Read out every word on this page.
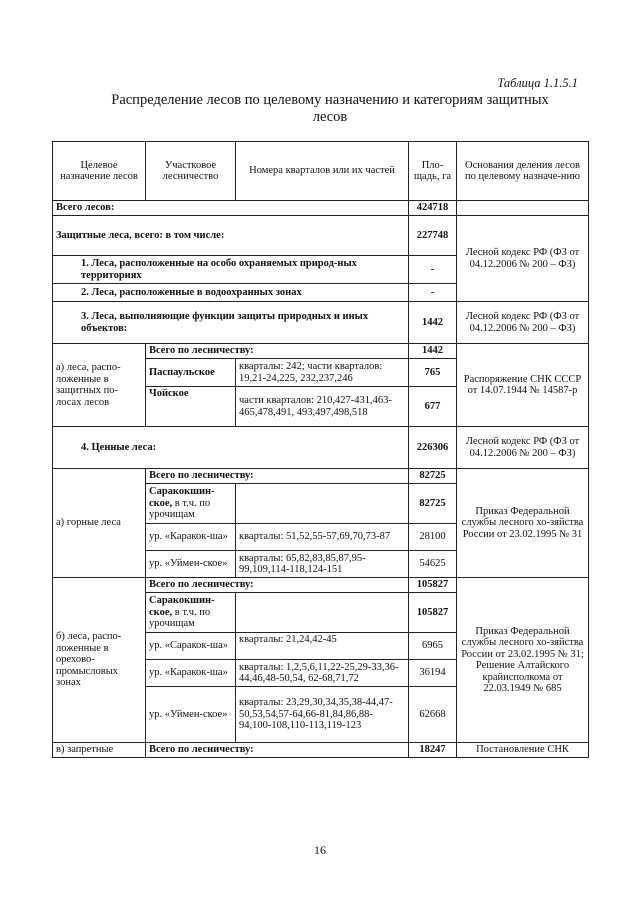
Таблица 1.1.5.1
Распределение лесов по целевому назначению и категориям защитных
лесов
Целевое назначение лесов	Участковое лесничество	Номера кварталов или их частей	Пло-щадь, га	Основания деления лесов по целевому назначе-нию
Всего лесов:			424718	
Защитные леса, всего: в том числе:			227748	Лесной кодекс РФ (ФЗ от 04.12.2006 № 200 – ФЗ)
1. Леса, расположенные на особо охраняемых природ-ных территориях			-	
2. Леса, расположенные в водоохранных зонах			-	
3. Леса, выполняющие функции защиты природных и иных объектов:			1442	Лесной кодекс РФ (ФЗ от 04.12.2006 № 200 – ФЗ)
а) леса, распо-ложенные в защитных по-лосах лесов	Всего по лесничеству:		1442	Распоряжение СНК СССР от 14.07.1944 № 14587-р
	Паспаульское	кварталы: 242; части кварталов: 19,21-24,225, 232,237,246	765	
	Чойское	части кварталов: 210,427-431,463-465,478,491, 493,497,498,518	677	
4. Ценные леса:			226306	Лесной кодекс РФ (ФЗ от 04.12.2006 № 200 – ФЗ)
а) горные леса	Всего по лесничеству:		82725	Приказ Федеральной службы лесного хо-зяйства России от 23.02.1995 № 31
	Саракокшин-ское, в т.ч. по урочищам		82725	
	ур. «Каракок-ша»	кварталы: 51,52,55-57,69,70,73-87	28100	
	ур. «Уймен-ское»	кварталы: 65,82,83,85,87,95-99,109,114-118,124-151	54625	
б) леса, распо-ложенные в орехово-промысловых зонах	Всего по лесничеству:		105827	Приказ Федеральной службы лесного хо-зяйства России от 23.02.1995 № 31; Решение Алтайского крайисполкома от 22.03.1949 № 685
	Саракокшин-ское, в т.ч. по урочищам		105827	
	ур. «Саракок-ша»	кварталы: 21,24,42-45	6965	
	ур. «Каракок-ша»	кварталы: 1,2,5,6,11,22-25,29-33,36-44,46,48-50,54, 62-68,71,72	36194	
	ур. «Уймен-ское»	кварталы: 23,29,30,34,35,38-44,47-50,53,54,57-64,66-81,84,86,88-94,100-108,110-113,119-123	62668	
в) запретные	Всего по лесничеству:		18247	Постановление СНК
16
